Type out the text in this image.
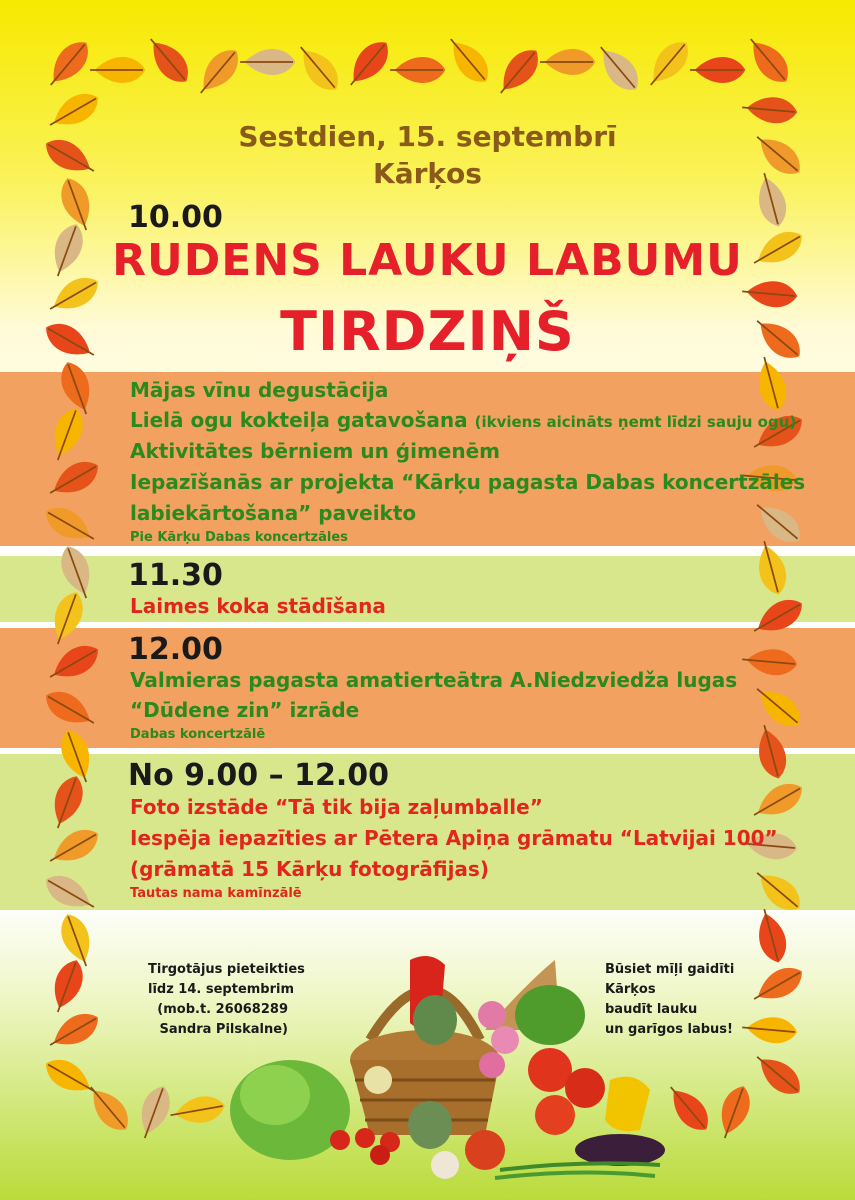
Sestdien, 15. septembrī
Kārķos
10.00
RUDENS LAUKU LABUMU
TIRDZIŅŠ
Mājas vīnu degustācija
Lielā ogu kokteiļa gatavošana (ikviens aicināts ņemt līdzi sauju ogu)
Aktivitātes bērniem un ģimenēm
Iepazīšanās ar projekta “Kārķu pagasta Dabas koncertzāles
labiekārtošana” paveikto
Pie Kārķu Dabas koncertzāles
11.30
Laimes koka stādīšana
12.00
Valmieras pagasta amatierteātra A.Niedzviedža lugas
“Dūdene zin” izrāde
Dabas koncertzālē
No 9.00 – 12.00
Foto izstāde “Tā tik bija zaļumballe”
Iespēja iepazīties ar Pētera Apiņa grāmatu “Latvijai 100”
(grāmatā 15 Kārķu fotogrāfijas)
Tautas nama kamīnzālē
Tirgotājus pieteikties
līdz 14. septembrim
(mob.t. 26068289
Sandra Pilskalne)
Būsiet mīļi gaidīti
Kārķos
baudīt lauku
un garīgos labus!
